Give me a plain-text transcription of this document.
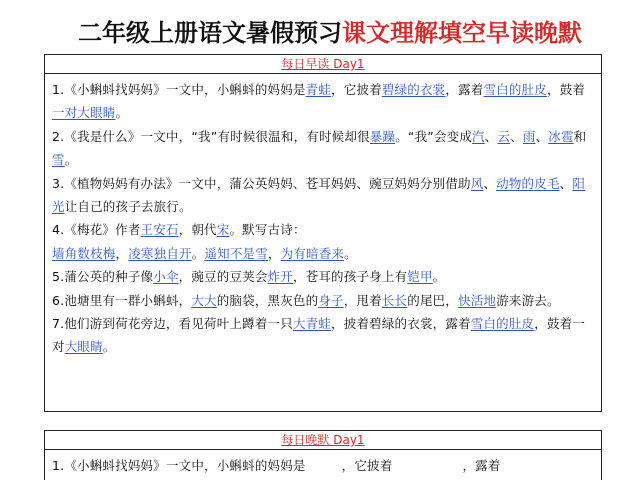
二年级上册语文暑假预习课文理解填空早读晚默
每日早读 Day1

1.《小蝌蚪找妈妈》一文中，小蝌蚪的妈妈是青蛙，它披着碧绿的衣裳，露着雪白的肚皮，鼓着一对大眼睛。

2.《我是什么》一文中，“我”有时候很温和，有时候却很暴躁。“我”会变成汽、云、雨、冰雹和雪。

3.《植物妈妈有办法》一文中，蒲公英妈妈、苍耳妈妈、豌豆妈妈分别借助风、动物的皮毛、阳光让自己的孩子去旅行。

4.《梅花》作者王安石，朝代宋。默写古诗：
墙角数枝梅，凌寒独自开。遥知不是雪，为有暗香来。

5.蒲公英的种子像小伞，豌豆的豆荚会炸开，苍耳的孩子身上有铠甲。

6.池塘里有一群小蝌蚪，大大的脑袋，黑灰色的身子，甩着长长的尾巴，快活地游来游去。

7.他们游到荷花旁边，看见荷叶上蹲着一只大青蛙，披着碧绿的衣裳，露着雪白的肚皮，鼓着一对大眼睛。

每日晚默 Day1

1.《小蝌蚪找妈妈》一文中，小蝌蚪的妈妈是	，它披着	，露着
